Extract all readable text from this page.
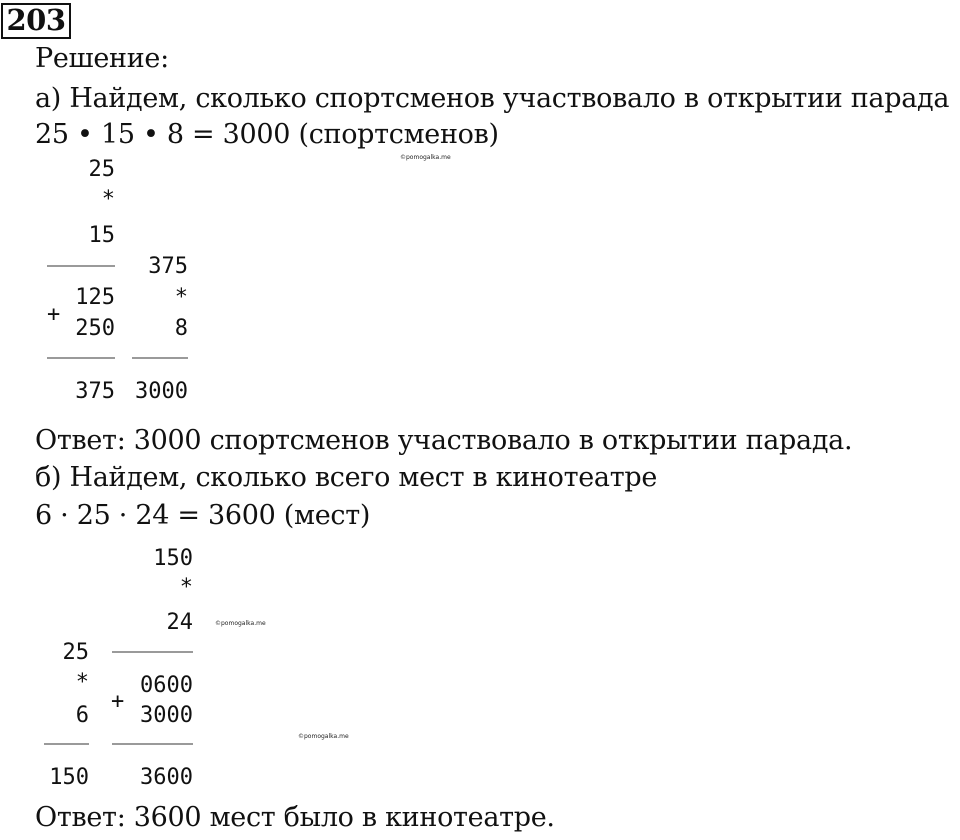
203
Решение:
а) Найдем, сколько спортсменов участвовало в открытии парада
25 • 15 • 8 = 3000 (спортсменов)
©pomogalka.me
25
*
15
+
125
250
375
375
*
8
3000
Ответ: 3000 спортсменов участвовало в открытии парада.
б) Найдем, сколько всего мест в кинотеатре
6 · 25 · 24 = 3600 (мест)
150
*
24	©pomogalka.me
+
0600
3000
3600
25
*
6
150
©pomogalka.me
Ответ: 3600 мест было в кинотеатре.
